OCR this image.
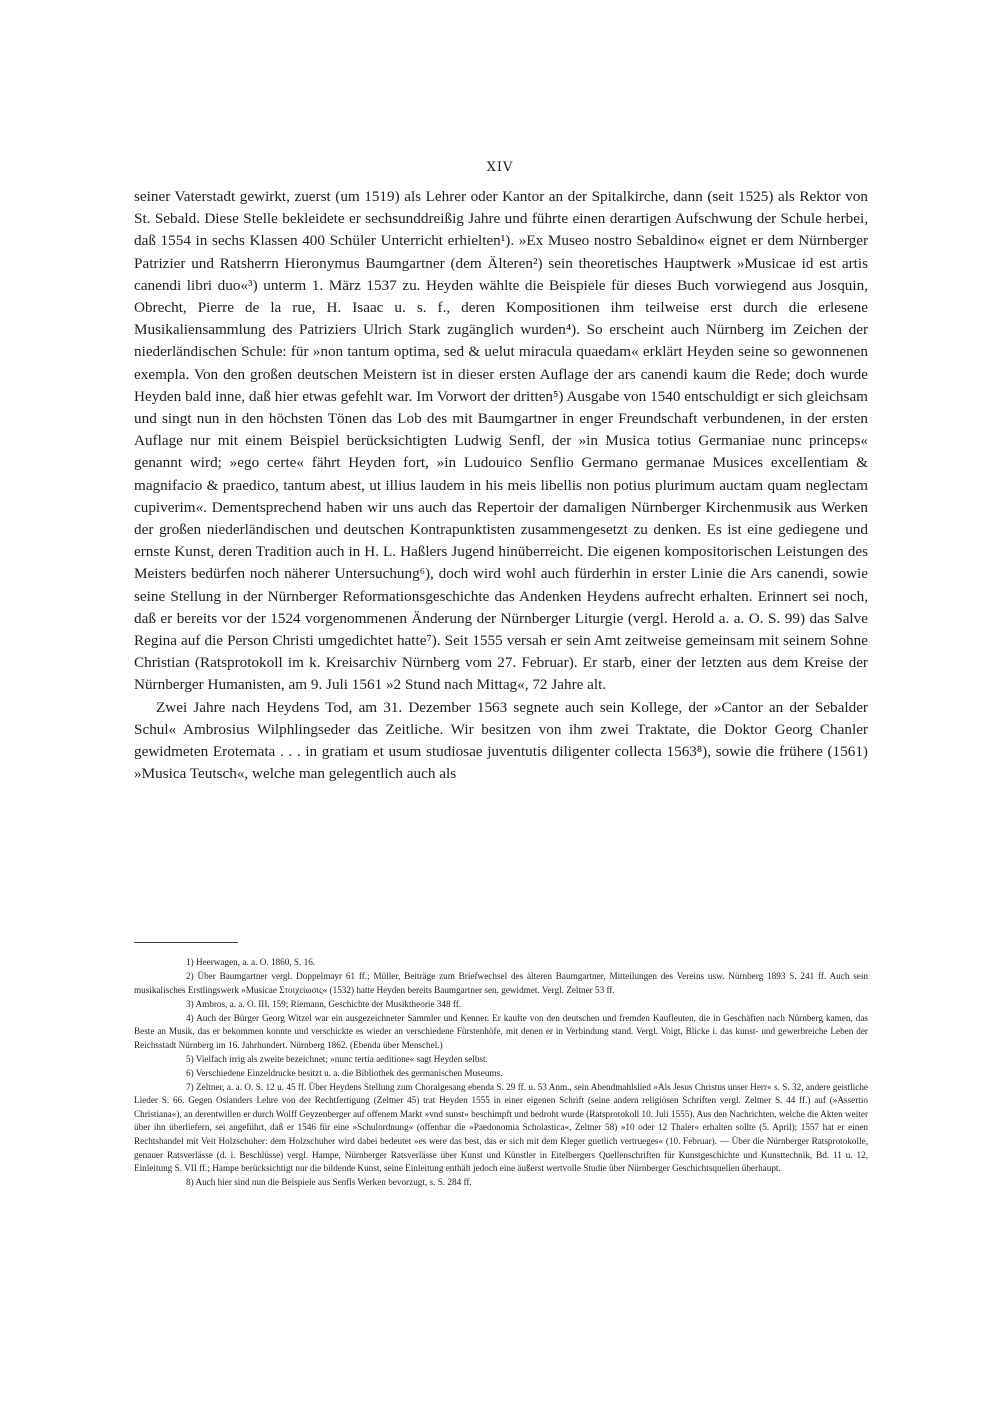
XIV

seiner Vaterstadt gewirkt, zuerst (um 1519) als Lehrer oder Kantor an der Spitalkirche, dann (seit 1525) als Rektor von St. Sebald. Diese Stelle bekleidete er sechsunddreißig Jahre und führte einen derartigen Aufschwung der Schule herbei, daß 1554 in sechs Klassen 400 Schüler Unterricht erhielten¹). »Ex Museo nostro Sebaldino« eignet er dem Nürnberger Patrizier und Ratsherrn Hieronymus Baumgartner (dem Älteren²) sein theoretisches Hauptwerk »Musicae id est artis canendi libri duo«³) unterm 1. März 1537 zu. Heyden wählte die Beispiele für dieses Buch vorwiegend aus Josquin, Obrecht, Pierre de la rue, H. Isaac u. s. f., deren Kompositionen ihm teilweise erst durch die erlesene Musikaliensammlung des Patriziers Ulrich Stark zugänglich wurden⁴). So erscheint auch Nürnberg im Zeichen der niederländischen Schule: für »non tantum optima, sed & uelut miracula quaedam« erklärt Heyden seine so gewonnenen exempla. Von den großen deutschen Meistern ist in dieser ersten Auflage der ars canendi kaum die Rede; doch wurde Heyden bald inne, daß hier etwas gefehlt war. Im Vorwort der dritten⁵) Ausgabe von 1540 entschuldigt er sich gleichsam und singt nun in den höchsten Tönen das Lob des mit Baumgartner in enger Freundschaft verbundenen, in der ersten Auflage nur mit einem Beispiel berücksichtigten Ludwig Senfl, der »in Musica totius Germaniae nunc princeps« genannt wird; »ego certe« fährt Heyden fort, »in Ludouico Senflio Germano germanae Musices excellentiam & magnifacio & praedico, tantum abest, ut illius laudem in his meis libellis non potius plurimum auctam quam neglectam cupiverim«. Dementsprechend haben wir uns auch das Repertoir der damaligen Nürnberger Kirchenmusik aus Werken der großen niederländischen und deutschen Kontrapunktisten zusammengesetzt zu denken. Es ist eine gediegene und ernste Kunst, deren Tradition auch in H. L. Haßlers Jugend hinüberreicht. Die eigenen kompositorischen Leistungen des Meisters bedürfen noch näherer Untersuchung⁶), doch wird wohl auch fürderhin in erster Linie die Ars canendi, sowie seine Stellung in der Nürnberger Reformationsgeschichte das Andenken Heydens aufrecht erhalten. Erinnert sei noch, daß er bereits vor der 1524 vorgenommenen Änderung der Nürnberger Liturgie (vergl. Herold a. a. O. S. 99) das Salve Regina auf die Person Christi umgedichtet hatte⁷). Seit 1555 versah er sein Amt zeitweise gemeinsam mit seinem Sohne Christian (Ratsprotokoll im k. Kreisarchiv Nürnberg vom 27. Februar). Er starb, einer der letzten aus dem Kreise der Nürnberger Humanisten, am 9. Juli 1561 »2 Stund nach Mittag«, 72 Jahre alt.

Zwei Jahre nach Heydens Tod, am 31. Dezember 1563 segnete auch sein Kollege, der »Cantor an der Sebalder Schul« Ambrosius Wilphlingseder das Zeitliche. Wir besitzen von ihm zwei Traktate, die Doktor Georg Chanler gewidmeten Erotemata . . . in gratiam et usum studiosae juventutis diligenter collecta 1563⁸), sowie die frühere (1561) »Musica Teutsch«, welche man gelegentlich auch als

1) Heerwagen, a. a. O. 1860, S. 16.

2) Über Baumgartner vergl. Doppelmayr 61 ff.; Müller, Beiträge zum Briefwechsel des älteren Baumgartner, Mitteilungen des Vereins usw. Nürnberg 1893 S. 241 ff. Auch sein musikalisches Erstlingswerk »Musicae Στοιχείωσις« (1532) hatte Heyden bereits Baumgartner sen. gewidmet. Vergl. Zeltner 53 ff.

3) Ambros, a. a. O. III. 159; Riemann, Geschichte der Musiktheorie 348 ff.

4) Auch der Bürger Georg Witzel war ein ausgezeichneter Sammler und Kenner. Er kaufte von den deutschen und fremden Kaufleuten, die in Geschäften nach Nürnberg kamen, das Beste an Musik, das er bekommen konnte und verschickte es wieder an verschiedene Fürstenhöfe, mit denen er in Verbindung stand. Vergl. Voigt, Blicke i. das kunst- und gewerbreiche Leben der Reichsstadt Nürnberg im 16. Jahrhundert. Nürnberg 1862. (Ebenda über Menschel.)

5) Vielfach irrig als zweite bezeichnet; »nunc tertia aeditione« sagt Heyden selbst.

6) Verschiedene Einzeldrucke besitzt u. a. die Bibliothek des germanischen Museums.

7) Zeltner, a. a. O. S. 12 u. 45 ff. Über Heydens Stellung zum Choralgesang ebenda S. 29 ff. u. 53 Anm., sein Abendmahlslied »Als Jesus Christus unser Herr« s. S. 32, andere geistliche Lieder S. 66. Gegen Osianders Lehre von der Rechtfertigung (Zeltner 45) trat Heyden 1555 in einer eigenen Schrift (seine andern religiösen Schriften vergl. Zeltner S. 44 ff.) auf (»Assertio Christiana«), an derentwillen er durch Wolff Geyzenberger auf offenem Markt »vnd sunst« beschimpft und bedroht wurde (Ratsprotokoll 10. Juli 1555). Aus den Nachrichten, welche die Akten weiter über ihn überliefern, sei angeführt, daß er 1546 für eine »Schulordnung« (offenbar die »Paedonomia Scholastica«, Zeltner 58) »10 oder 12 Thaler« erhalten sollte (5. April); 1557 hat er einen Rechtshandel mit Veit Holzschuher: dem Holzschuher wird dabei bedeutet »es were das best, das er sich mit dem Kleger guetlich vertrueges« (10. Februar). — Über die Nürnberger Ratsprotokolle, genauer Ratsverlässe (d. i. Beschlüsse) vergl. Hampe, Nürnberger Ratsverlässe über Kunst und Künstler in Eitelbergers Quellenschriften für Kunstgeschichte und Kunsttechnik, Bd. 11 u. 12, Einleitung S. VII ff.; Hampe berücksichtigt nur die bildende Kunst, seine Einleitung enthält jedoch eine äußerst wertvolle Studie über Nürnberger Geschichtsquellen überhaupt.

8) Auch hier sind nun die Beispiele aus Senfls Werken bevorzugt, s. S. 284 ff.
